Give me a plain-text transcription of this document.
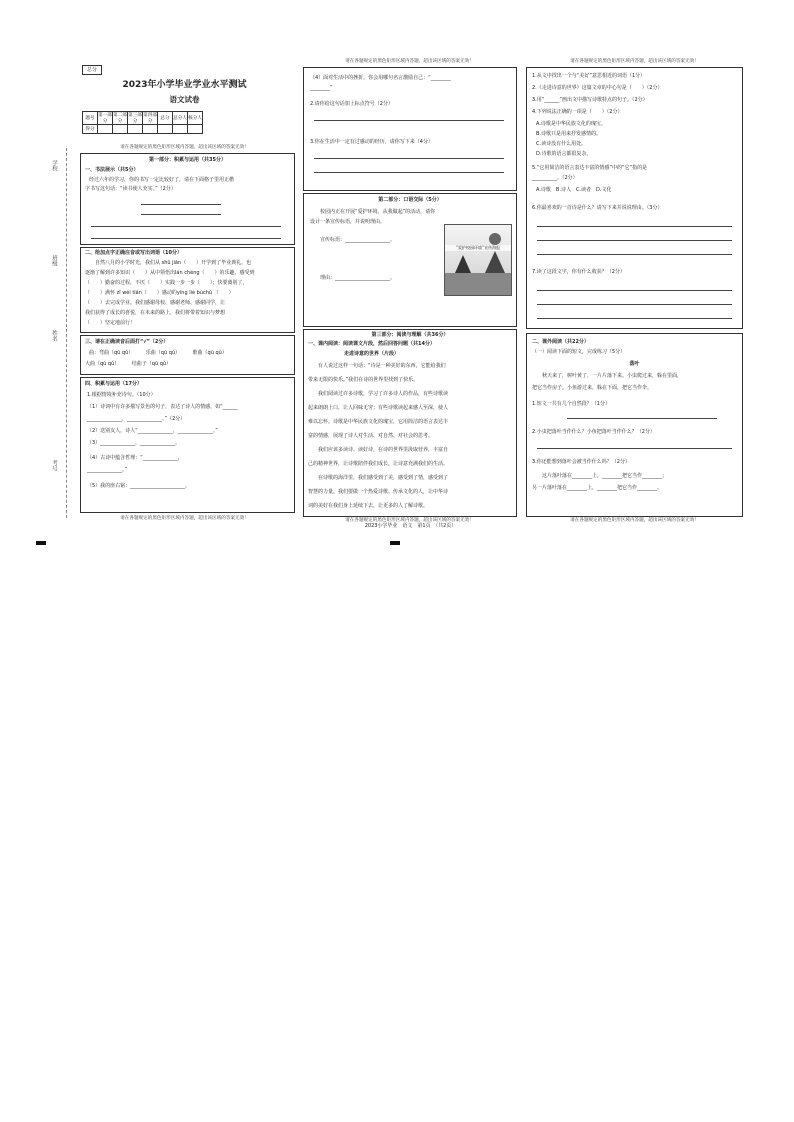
学校
班级
姓名
考号
总分
2023年小学毕业学业水平测试
语文试卷
题号	第一部分	第二部分	第三部分	第四部分	总分	总分人	核分人
得分							
请在各题规定的黑色矩形区域内答题，超出该区域的答案无效！
第一部分：积累与运用（共35分）
一、书法展示（共5分）
经过六年的学习，你的书写一定比较好了，请在下面格子里用正楷
字书写这句话：“读书使人充实。”（2分）
二、给加点字正确注音或写出词语（10分）
　　自然八月的小学时光，我们从 shǔ jiān（　　）开学到了毕业典礼，也
逐渐了解到许多知识（　　）从中领悟出lán chéng（　　）的乐趣，感受到
（　　）勤奋的过程，不厌（　　）实践一步一步（　　）；快要离别了，
（　　）满怀 zǐ wéi tiān（　　）感动的yīng liè bùchǔ （　　）
（　　）去完成学业。我们感谢母校、感谢老师、感谢同学，让
我们获得了成长的喜悦，在未来的路上，我们将带着知识与梦想
（　　）坚定地前行！
三、请在正确读音后面打“√”（2分）
曲：弯曲（qū qǔ）　　　乐曲（qū qǔ）　　　歌曲（qū qǔ）
大曲（qū qǔ）　　　结曲子（qū qǔ）
四、积累与运用（17分）
1.根据情境补充诗句。（10分）
（1）诗词中有许多描写景色的句子，表达了诗人的情感，如“______
______________，______________。”（2分）
（2）送别友人，诗人“______________，______________。”
（3）______________，______________。
（4）古诗中蕴含哲理：“______________，
______________。”
（5）我的座右铭：______________________。
请在各题规定的黑色矩形区域内答题，超出该区域的答案无效！
请在各题规定的黑色矩形区域内答题，超出该区域的答案无效！
（4）面对生活中的挫折，你会用哪句名言激励自己：“________
________”
2.请你给这句话加上标点符号（2分）
3.你在生活中一定有过感动的经历，请你写下来（4分）
第二部分：口语交际（5分）
　　校园内正在开展“爱护环境，从我做起”的活动，请你
设计一条宣传标语，并说明理由。
　　宣传标语：__________________。
　　理由：______________________。
“爱护校园环境”宣传海报
第三部分：阅读与理解（共36分）
一、课内阅读：阅读课文片段，然后回答问题（共14分）
走进诗意的世界（片段）
　　有人说过这样一句话：“诗是一种美好的东西，它能给我们
带来无限的快乐。”我们在诗的世界里找到了快乐。
　　我们阅读过许多诗歌，学习了许多诗人的作品，有些诗歌读
起来朗朗上口，让人回味无穷；有些诗歌读起来感人至深，使人
难以忘怀。诗歌是中华民族文化的瑰宝，它用简洁的语言表达丰
富的情感，展现了诗人对生活、对自然、对社会的思考。
　　我们应该多读诗、读好诗，在诗的世界里汲取营养，丰富自
己的精神世界，让诗歌陪伴我们成长，让诗意充满我们的生活。
　　在诗歌的海洋里，我们感受到了美，感受到了情，感受到了
智慧的力量。我们要做一个热爱诗歌、传承文化的人，让中华诗
词的美好在我们身上延续下去，让更多的人了解诗歌。
请在各题规定的黑色矩形区域内答题，超出该区域的答案无效！
请在各题规定的黑色矩形区域内答题，超出该区域的答案无效！
1.从文中找出一个与“美好”意思相近的词语（1分）
2.《走进诗意的世界》这篇文章的中心句是（　　）（2分）
3.用“______”画出文中描写诗歌特点的句子。（2分）
4.下列说法正确的一项是（　　）（2分）
A.诗歌是中华民族文化的瑰宝。
B.诗歌只是用来抒发感情的。
C.读诗没有什么用处。
D.诗歌的语言都很复杂。
5.“它用简洁的语言表达丰富的情感”中的“它”指的是
__________。（2分）
A.诗歌　B.诗人　C.读者　D.文化
6.你最喜欢的一首诗是什么？请写下来并说说理由。（3分）
7.读了这段文字，你有什么收获？（2分）
二、课外阅读（共22分）
（一）阅读下面的短文，完成练习（5分）
落叶
　　秋天来了，树叶黄了，一片片落下来。小虫爬过来，躲在里面，
把它当作房子。小鱼游过来，躲在下面，把它当作伞。
1.短文一共有几个自然段？（1分）
2.小虫把落叶当作什么？小鱼把落叶当作什么？（2分）
3.你还能想到落叶会被当作什么吗？（2分）
　　这片落叶落在________上，________把它当作________；
另一片落叶落在________上，________把它当作________。
请在各题规定的黑色矩形区域内答题，超出该区域的答案无效！
2023小学毕业　语文　第1页　（共2页）
